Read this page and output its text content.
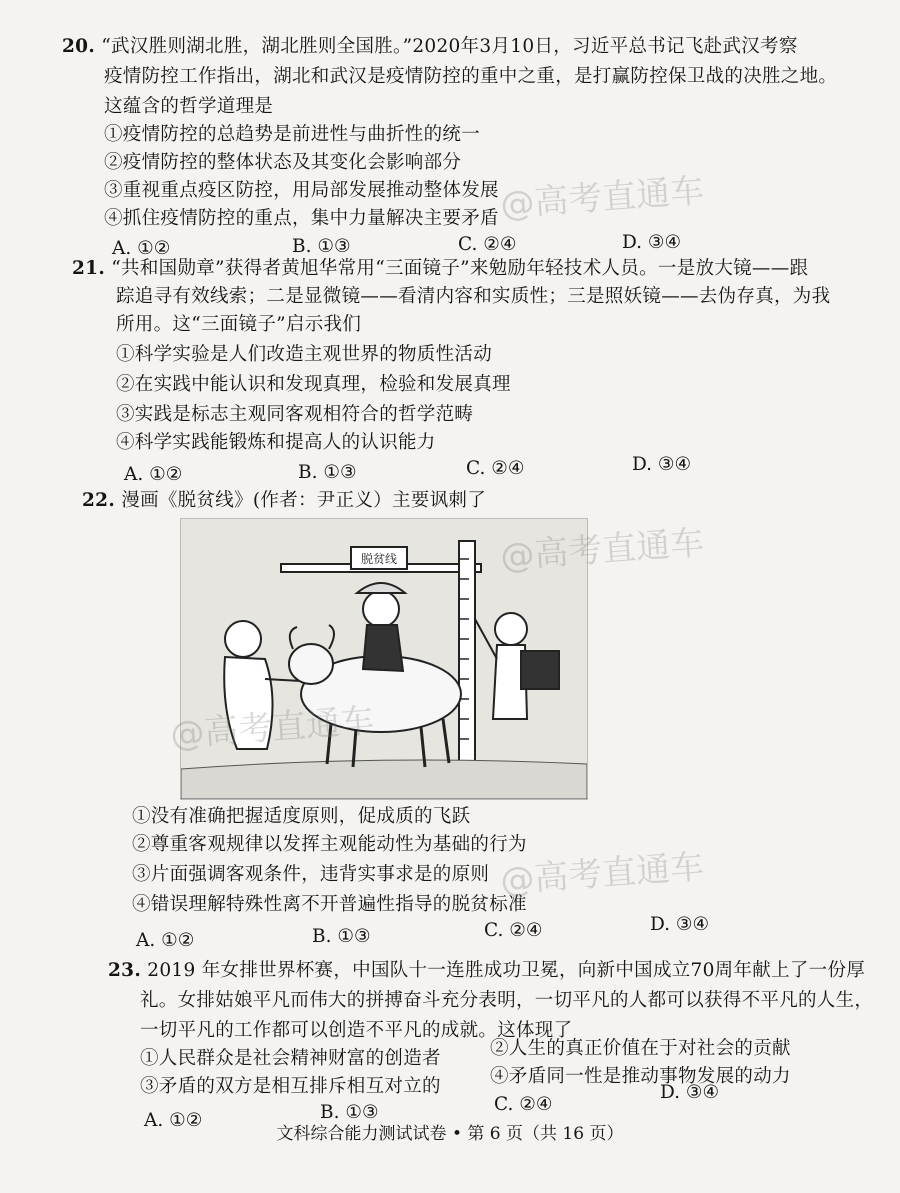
20. “武汉胜则湖北胜，湖北胜则全国胜。”2020年3月10日，习近平总书记飞赴武汉考察
疫情防控工作指出，湖北和武汉是疫情防控的重中之重，是打赢防控保卫战的决胜之地。
这蕴含的哲学道理是
①疫情防控的总趋势是前进性与曲折性的统一
②疫情防控的整体状态及其变化会影响部分
③重视重点疫区防控，用局部发展推动整体发展
④抓住疫情防控的重点，集中力量解决主要矛盾
A. ①②	B. ①③	C. ②④	D. ③④
21. “共和国勋章”获得者黄旭华常用“三面镜子”来勉励年轻技术人员。一是放大镜——跟
踪追寻有效线索；二是显微镜——看清内容和实质性；三是照妖镜——去伪存真，为我
所用。这“三面镜子”启示我们
①科学实验是人们改造主观世界的物质性活动
②在实践中能认识和发现真理，检验和发展真理
③实践是标志主观同客观相符合的哲学范畴
④科学实践能锻炼和提高人的认识能力
A. ①②	B. ①③	C. ②④	D. ③④
22. 漫画《脱贫线》(作者：尹正义）主要讽刺了
脱贫线
①没有准确把握适度原则，促成质的飞跃
②尊重客观规律以发挥主观能动性为基础的行为
③片面强调客观条件，违背实事求是的原则
④错误理解特殊性离不开普遍性指导的脱贫标准
A. ①②	B. ①③	C. ②④	D. ③④
23. 2019 年女排世界杯赛，中国队十一连胜成功卫冕，向新中国成立70周年献上了一份厚
礼。女排姑娘平凡而伟大的拼搏奋斗充分表明，一切平凡的人都可以获得不平凡的人生，
一切平凡的工作都可以创造不平凡的成就。这体现了
①人民群众是社会精神财富的创造者	②人生的真正价值在于对社会的贡献
③矛盾的双方是相互排斥相互对立的	④矛盾同一性是推动事物发展的动力
A. ①②	B. ①③	C. ②④
D. ③④
@高考直通车
@高考直通车
@高考直通车
@高考直通车
文科综合能力测试试卷 • 第 6 页（共 16 页）
